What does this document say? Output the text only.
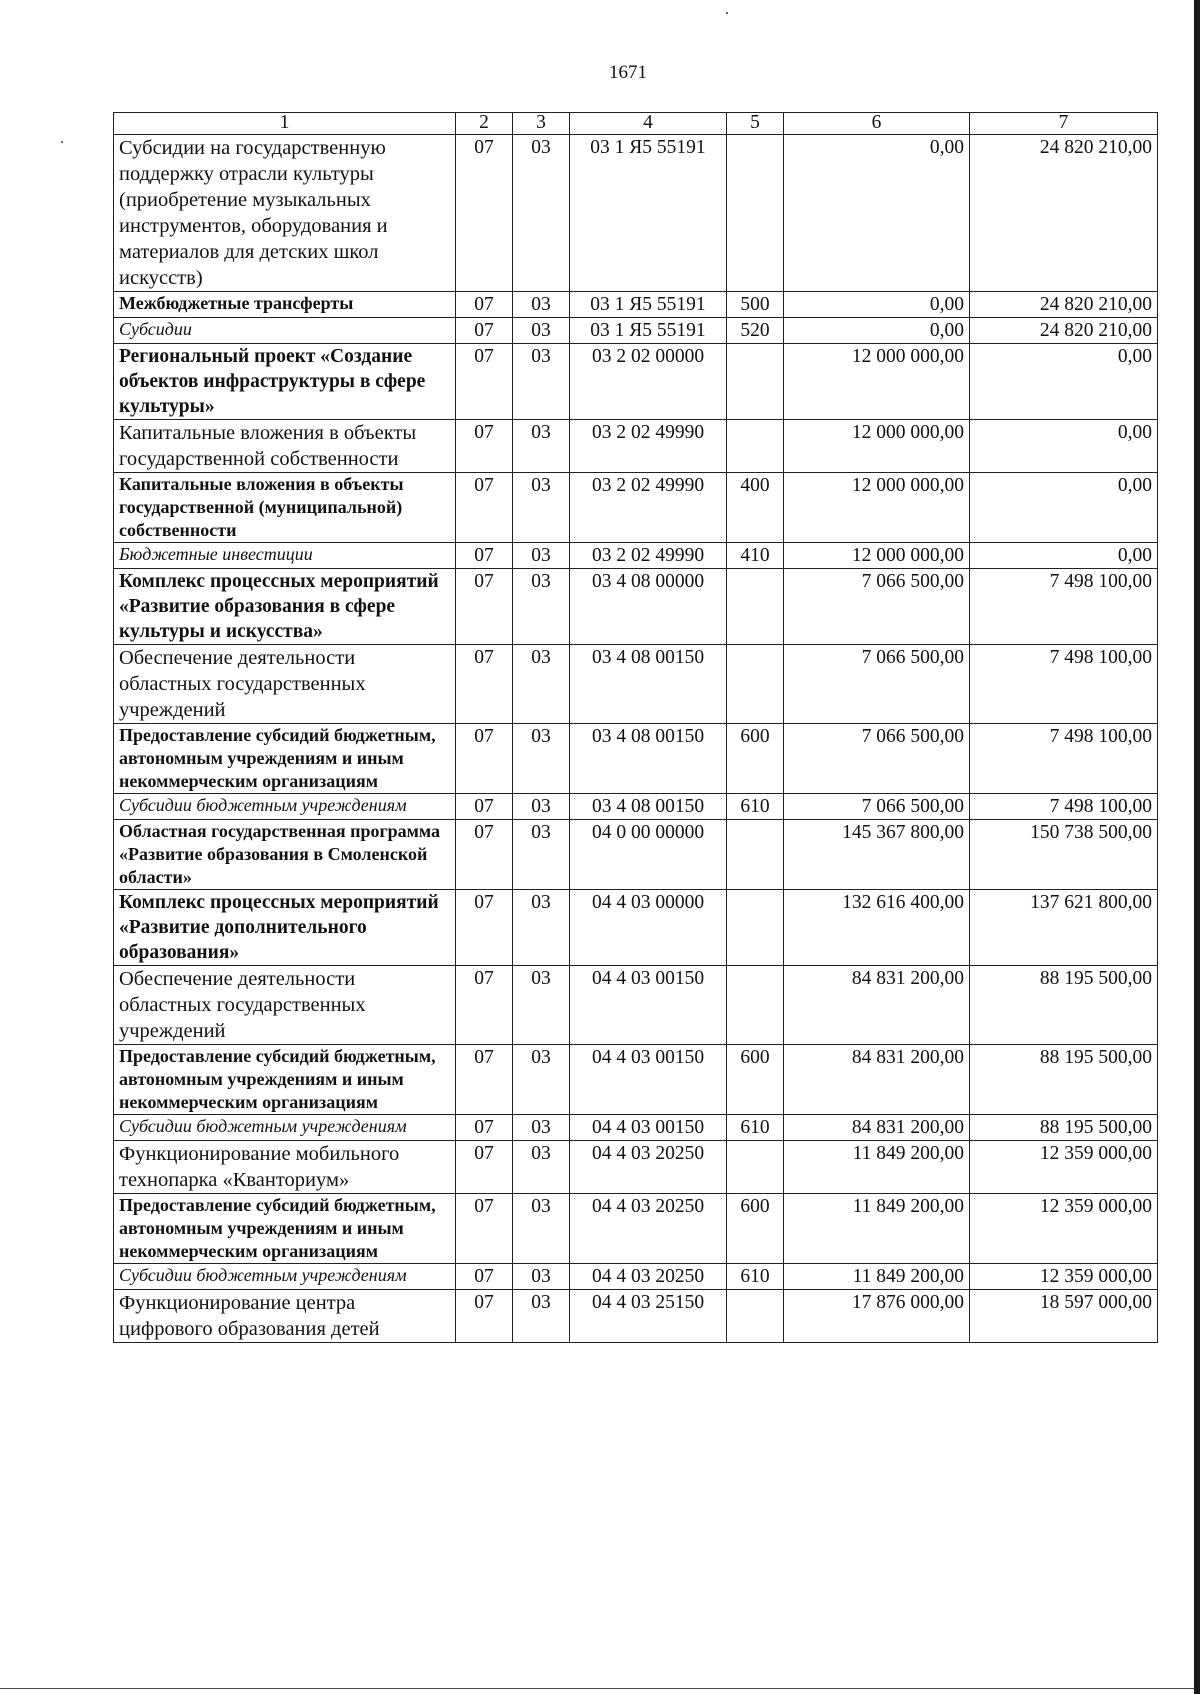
1671
1	2	3	4	5	6	7
Субсидии на государственную поддержку отрасли культуры (приобретение музыкальных инструментов, оборудования и материалов для детских школ искусств)	07	03	03 1 Я5 55191		0,00	24 820 210,00
Межбюджетные трансферты	07	03	03 1 Я5 55191	500	0,00	24 820 210,00
Субсидии	07	03	03 1 Я5 55191	520	0,00	24 820 210,00
Региональный проект «Создание объектов инфраструктуры в сфере культуры»	07	03	03 2 02 00000		12 000 000,00	0,00
Капитальные вложения в объекты государственной собственности	07	03	03 2 02 49990		12 000 000,00	0,00
Капитальные вложения в объекты государственной (муниципальной) собственности	07	03	03 2 02 49990	400	12 000 000,00	0,00
Бюджетные инвестиции	07	03	03 2 02 49990	410	12 000 000,00	0,00
Комплекс процессных мероприятий «Развитие образования в сфере культуры и искусства»	07	03	03 4 08 00000		7 066 500,00	7 498 100,00
Обеспечение деятельности областных государственных учреждений	07	03	03 4 08 00150		7 066 500,00	7 498 100,00
Предоставление субсидий бюджетным, автономным учреждениям и иным некоммерческим организациям	07	03	03 4 08 00150	600	7 066 500,00	7 498 100,00
Субсидии бюджетным учреждениям	07	03	03 4 08 00150	610	7 066 500,00	7 498 100,00
Областная государственная программа «Развитие образования в Смоленской области»	07	03	04 0 00 00000		145 367 800,00	150 738 500,00
Комплекс процессных мероприятий «Развитие дополнительного образования»	07	03	04 4 03 00000		132 616 400,00	137 621 800,00
Обеспечение деятельности областных государственных учреждений	07	03	04 4 03 00150		84 831 200,00	88 195 500,00
Предоставление субсидий бюджетным, автономным учреждениям и иным некоммерческим организациям	07	03	04 4 03 00150	600	84 831 200,00	88 195 500,00
Субсидии бюджетным учреждениям	07	03	04 4 03 00150	610	84 831 200,00	88 195 500,00
Функционирование мобильного технопарка «Кванториум»	07	03	04 4 03 20250		11 849 200,00	12 359 000,00
Предоставление субсидий бюджетным, автономным учреждениям и иным некоммерческим организациям	07	03	04 4 03 20250	600	11 849 200,00	12 359 000,00
Субсидии бюджетным учреждениям	07	03	04 4 03 20250	610	11 849 200,00	12 359 000,00
Функционирование центра цифрового образования детей	07	03	04 4 03 25150		17 876 000,00	18 597 000,00
